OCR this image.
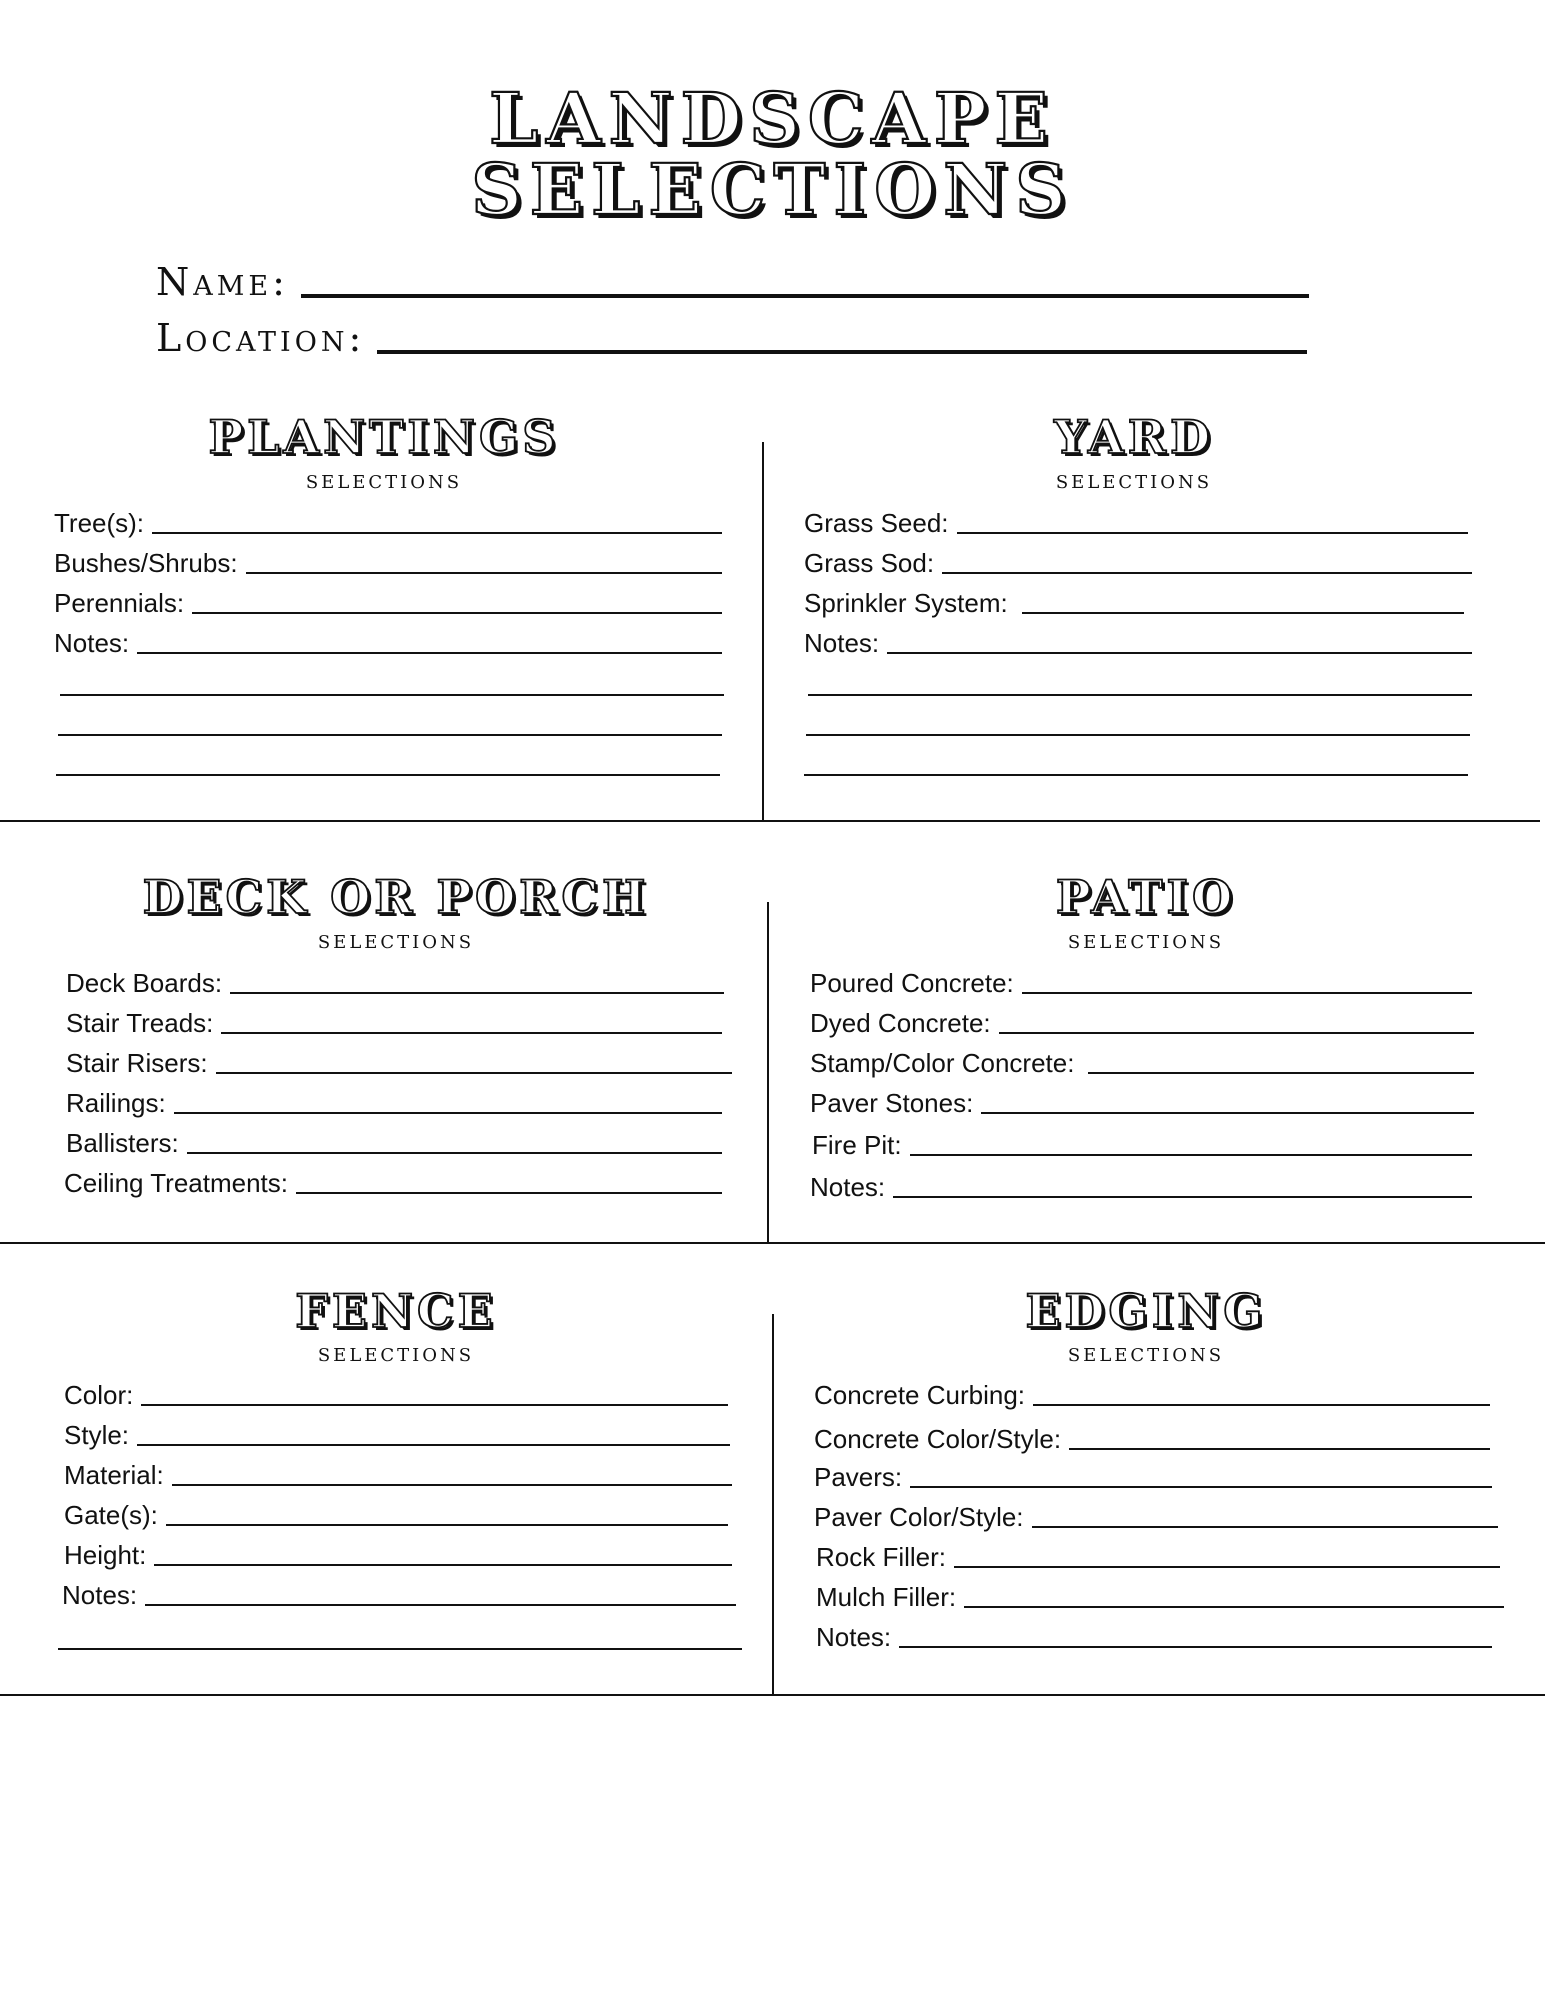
LANDSCAPE
SELECTIONS
Name:
Location:
PLANTINGS
SELECTIONS
Tree(s):
Bushes/Shrubs:
Perennials:
Notes:
YARD
SELECTIONS
Grass Seed:
Grass Sod:
Sprinkler System:
Notes:
DECK OR PORCH
SELECTIONS
Deck Boards:
Stair Treads:
Stair Risers:
Railings:
Ballisters:
Ceiling Treatments:
PATIO
SELECTIONS
Poured Concrete:
Dyed Concrete:
Stamp/Color Concrete:
Paver Stones:
Fire Pit:
Notes:
FENCE
SELECTIONS
Color:
Style:
Material:
Gate(s):
Height:
Notes:
EDGING
SELECTIONS
Concrete Curbing:
Concrete Color/Style:
Pavers:
Paver Color/Style:
Rock Filler:
Mulch Filler:
Notes:
